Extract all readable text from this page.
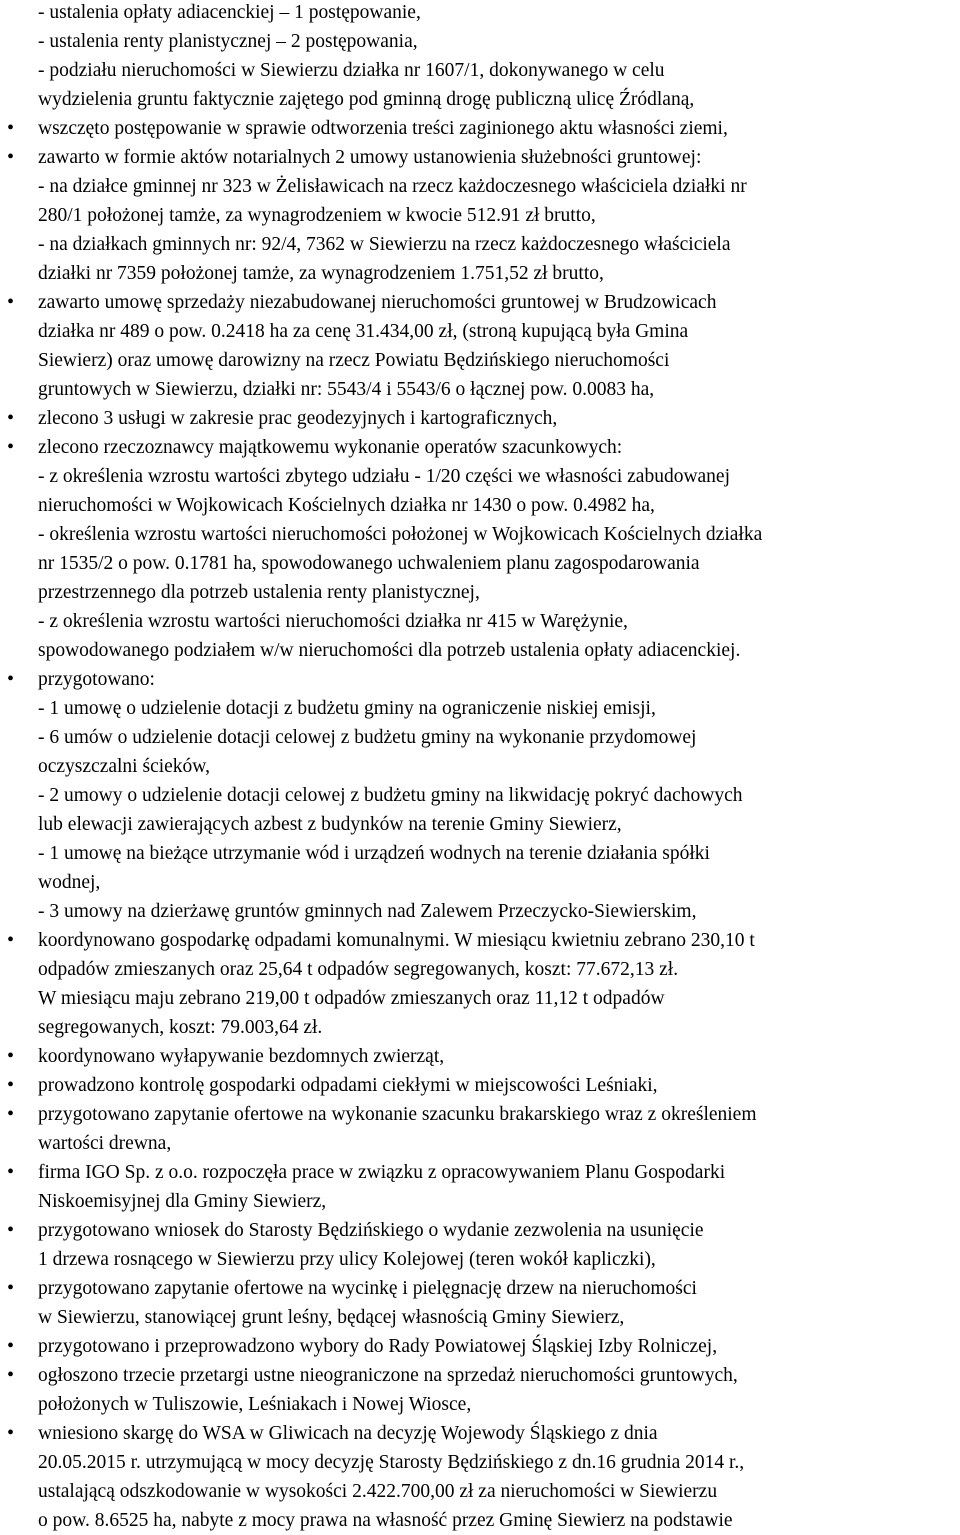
- ustalenia opłaty adiacenckiej – 1 postępowanie,
- ustalenia renty planistycznej – 2 postępowania,
- podziału nieruchomości w Siewierzu działka nr 1607/1, dokonywanego w celu
wydzielenia gruntu faktycznie zajętego pod gminną drogę publiczną ulicę Źródlaną,
•
wszczęto postępowanie w sprawie odtworzenia treści zaginionego aktu własności ziemi,
•
zawarto w formie aktów notarialnych 2 umowy ustanowienia służebności gruntowej:
- na działce gminnej nr 323 w Żelisławicach na rzecz każdoczesnego właściciela działki nr
280/1 położonej tamże, za wynagrodzeniem w kwocie 512.91 zł brutto,
- na działkach gminnych nr: 92/4, 7362 w Siewierzu na rzecz każdoczesnego właściciela
działki nr 7359 położonej tamże, za wynagrodzeniem 1.751,52 zł brutto,
•
zawarto umowę sprzedaży niezabudowanej nieruchomości gruntowej w Brudzowicach
działka nr 489 o pow. 0.2418 ha za cenę 31.434,00 zł, (stroną kupującą była Gmina
Siewierz) oraz umowę darowizny na rzecz Powiatu Będzińskiego nieruchomości
gruntowych w Siewierzu, działki nr: 5543/4 i 5543/6 o łącznej pow. 0.0083 ha,
•
zlecono 3 usługi w zakresie prac geodezyjnych i kartograficznych,
•
zlecono rzeczoznawcy majątkowemu wykonanie operatów szacunkowych:
- z określenia wzrostu wartości zbytego udziału - 1/20 części we własności zabudowanej
nieruchomości w Wojkowicach Kościelnych działka nr 1430 o pow. 0.4982 ha,
- określenia wzrostu wartości nieruchomości położonej w Wojkowicach Kościelnych działka
nr 1535/2 o pow. 0.1781 ha, spowodowanego uchwaleniem planu zagospodarowania
przestrzennego dla potrzeb ustalenia renty planistycznej,
- z określenia wzrostu wartości nieruchomości działka nr 415 w Warężynie,
spowodowanego podziałem w/w nieruchomości dla potrzeb ustalenia opłaty adiacenckiej.
•
przygotowano:
- 1 umowę o udzielenie dotacji z budżetu gminy na ograniczenie niskiej emisji,
- 6 umów o udzielenie dotacji celowej z budżetu gminy na wykonanie przydomowej
oczyszczalni ścieków,
- 2 umowy o udzielenie dotacji celowej z budżetu gminy na likwidację pokryć dachowych
lub elewacji zawierających azbest z budynków na terenie Gminy Siewierz,
- 1 umowę na bieżące utrzymanie wód i urządzeń wodnych na terenie działania spółki
wodnej,
- 3 umowy na dzierżawę gruntów gminnych nad Zalewem Przeczycko-Siewierskim,
•
koordynowano gospodarkę odpadami komunalnymi. W miesiącu kwietniu zebrano 230,10 t
odpadów zmieszanych oraz 25,64 t odpadów segregowanych, koszt: 77.672,13 zł.
W miesiącu maju zebrano 219,00 t odpadów zmieszanych oraz 11,12 t odpadów
segregowanych, koszt: 79.003,64 zł.
•
koordynowano wyłapywanie bezdomnych zwierząt,
•
prowadzono kontrolę gospodarki odpadami ciekłymi w miejscowości Leśniaki,
•
przygotowano zapytanie ofertowe na wykonanie szacunku brakarskiego wraz z określeniem
wartości drewna,
•
firma IGO Sp. z o.o. rozpoczęła prace w związku z opracowywaniem Planu Gospodarki
Niskoemisyjnej dla Gminy Siewierz,
•
przygotowano wniosek do Starosty Będzińskiego o wydanie zezwolenia na usunięcie
1 drzewa rosnącego w Siewierzu przy ulicy Kolejowej (teren wokół kapliczki),
•
przygotowano zapytanie ofertowe na wycinkę i pielęgnację drzew na nieruchomości
w Siewierzu, stanowiącej grunt leśny, będącej własnością Gminy Siewierz,
•
przygotowano i przeprowadzono wybory do Rady Powiatowej Śląskiej Izby Rolniczej,
•
ogłoszono trzecie przetargi ustne nieograniczone na sprzedaż nieruchomości gruntowych,
położonych w Tuliszowie, Leśniakach i Nowej Wiosce,
•
wniesiono skargę do WSA w Gliwicach na decyzję Wojewody Śląskiego z dnia
20.05.2015 r. utrzymującą w mocy decyzję Starosty Będzińskiego z dn.16 grudnia 2014 r.,
ustalającą odszkodowanie w wysokości 2.422.700,00 zł za nieruchomości w Siewierzu
o pow. 8.6525 ha, nabyte z mocy prawa na własność przez Gminę Siewierz na podstawie
